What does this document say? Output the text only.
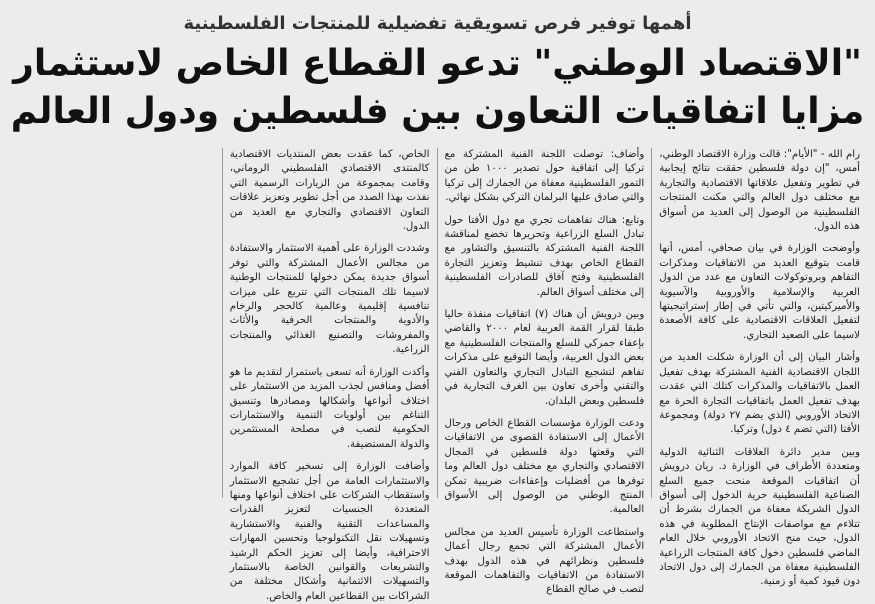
أهمها توفير فرص تسويقية تفضيلية للمنتجات الفلسطينية
"الاقتصاد الوطني" تدعو القطاع الخاص لاستثمار
مزايا اتفاقيات التعاون بين فلسطين ودول العالم

رام الله - "الأيام": قالت وزارة الاقتصاد الوطني، أمس، "إن دولة فلسطين حققت نتائج إيجابية في تطوير وتفعيل علاقاتها الاقتصادية والتجارية مع مختلف دول العالم والتي مكنت المنتجات الفلسطينية من الوصول إلى العديد من أسواق هذه الدول.

وأوضحت الوزارة في بيان صحافي، أمس، أنها قامت بتوقيع العديد من الاتفاقيات ومذكرات التفاهم وبروتوكولات التعاون مع عدد من الدول العربية والإسلامية والأوروبية والآسيوية والأميركيتين، والتي تأتي في إطار إستراتيجيتها لتفعيل العلاقات الاقتصادية على كافة الأصعدة لاسيما على الصعيد التجاري.

وأشار البيان إلى أن الوزارة شكلت العديد من اللجان الاقتصادية الفنية المشتركة بهدف تفعيل العمل بالاتفاقيات والمذكرات كتلك التي عقدت بهدف تفعيل العمل باتفاقيات التجارة الحرة مع الاتحاد الأوروبي (الذي يضم ٢٧ دولة) ومجموعة الأفتا (التي تضم ٤ دول) وتركيا.

وبين مدير دائرة العلاقات الثنائية الدولية ومتعددة الأطراف في الوزارة د. ريان درويش أن اتفاقيات الموقعة منحت جميع السلع الصناعية الفلسطينية حرية الدخول إلى أسواق الدول الشريكة معفاة من الجمارك بشرط أن تتلاءم مع مواصفات الإنتاج المطلوبة في هذه الدول، حيث منح الاتحاد الأوروبي خلال العام الماضي فلسطين دخول كافة المنتجات الزراعية الفلسطينية معفاة من الجمارك إلى دول الاتحاد دون قيود كمية أو زمنية.

وأضاف: توصلت اللجنة الفنية المشتركة مع تركيا إلى اتفاقية حول تصدير ١٠٠٠ طن من التمور الفلسطينية معفاة من الجمارك إلى تركيا والتي صادق عليها البرلمان التركي بشكل نهائي.

وتابع: هناك تفاهمات تجري مع دول الأفتا حول تبادل السلع الزراعية وتحريرها تخضع لمناقشة اللجنة الفنية المشتركة بالتنسيق والتشاور مع القطاع الخاص بهدف تنشيط وتعزيز التجارة الفلسطينية وفتح آفاق للصادرات الفلسطينية إلى مختلف أسواق العالم.

وبين درويش أن هناك (٧) اتفاقيات منفذة حاليا طبقا لقرار القمة العربية لعام ٢٠٠٠ والقاضي بإعفاء جمركي للسلع والمنتجات الفلسطينية مع بعض الدول العربية، وأيضا التوقيع على مذكرات تفاهم لتشجيع التبادل التجاري والتعاون الفني والتقني وأخرى تعاون بين الغرف التجارية في فلسطين وبعض البلدان.

ودعت الوزارة مؤسسات القطاع الخاص ورجال الأعمال إلى الاستفادة القصوى من الاتفاقيات التي وقعتها دولة فلسطين في المجال الاقتصادي والتجاري مع مختلف دول العالم وما توفرها من أفضليات وإعفاءات ضريبية تمكن المنتج الوطني من الوصول إلى الأسواق العالمية.

واستطاعت الوزارة تأسيس العديد من مجالس الأعمال المشتركة التي تجمع رجال أعمال فلسطين ونظرائهم في هذه الدول بهدف الاستفادة من الاتفاقيات والتفاهمات الموقعة لتصب في صالح القطاع

الخاص، كما عقدت بعض المنتديات الاقتصادية كالمنتدى الاقتصادي الفلسطيني الروماني، وقامت بمجموعة من الزيارات الرسمية التي نفذت بهذا الصدد من أجل تطوير وتعزيز علاقات التعاون الاقتصادي والتجاري مع العديد من الدول.

وشددت الوزارة على أهمية الاستثمار والاستفادة من مجالس الأعمال المشتركة والتي توفر أسواق جديدة يمكن دخولها للمنتجات الوطنية لاسيما تلك المنتجات التي تتربع على ميزات تنافسية إقليمية وعالمية كالحجر والرخام والأدوية والمنتجات الحرفية والأثاث والمفروشات والتصنيع الغذائي والمنتجات الزراعية.

وأكدت الوزارة أنه تسعى باستمرار لتقديم ما هو أفضل ومنافس لجذب المزيد من الاستثمار على اختلاف أنواعها وأشكالها ومصادرها وتنسيق التناغم بين أولويات التنمية والاستثمارات الحكومية لتصب في مصلحة المستثمرين والدولة المستضيفة.

وأضافت الوزارة إلى تسخير كافة الموارد والاستثمارات العامة من أجل تشجيع الاستثمار واستقطاب الشركات على اختلاف أنواعها ومنها المتعددة الجنسيات لتعزيز القدرات والمساعدات التقنية والفنية والاستشارية وتسهيلات نقل التكنولوجيا وتحسين المهارات الاحترافية، وأيضا إلى تعزيز الحكم الرشيد والتشريعات والقوانين الخاصة بالاستثمار والتسهيلات الائتمانية وأشكال مختلفة من الشراكات بين القطاعين العام والخاص.
